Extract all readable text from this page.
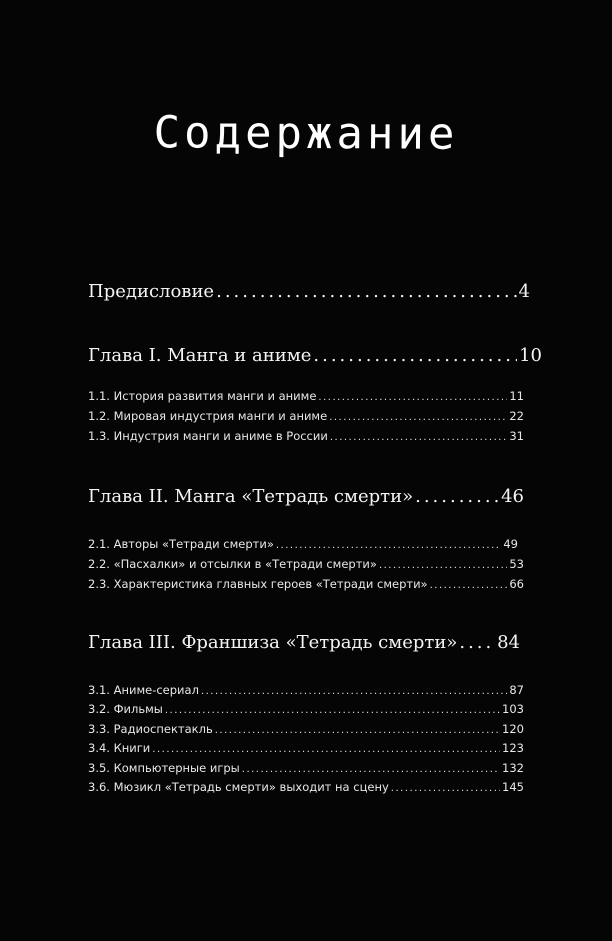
Содержание
Предисловие .....	4
Глава I. Манга и аниме .....	10
1.1. История развития манги и аниме .....	11
1.2. Мировая индустрия манги и аниме .....	22
1.3. Индустрия манги и аниме в России .....	31
Глава II. Манга «Тетрадь смерти» .....	46
2.1. Авторы «Тетради смерти» .....	49
2.2. «Пасхалки» и отсылки в «Тетради смерти» .....	53
2.3. Характеристика главных героев «Тетради смерти» .....	66
Глава III. Франшиза «Тетрадь смерти» ..... 84
3.1. Аниме-сериал .....	87
3.2. Фильмы .....	103
3.3. Радиоспектакль .....	120
3.4. Книги .....	123
3.5. Компьютерные игры .....	132
3.6. Мюзикл «Тетрадь смерти» выходит на сцену .....	145
